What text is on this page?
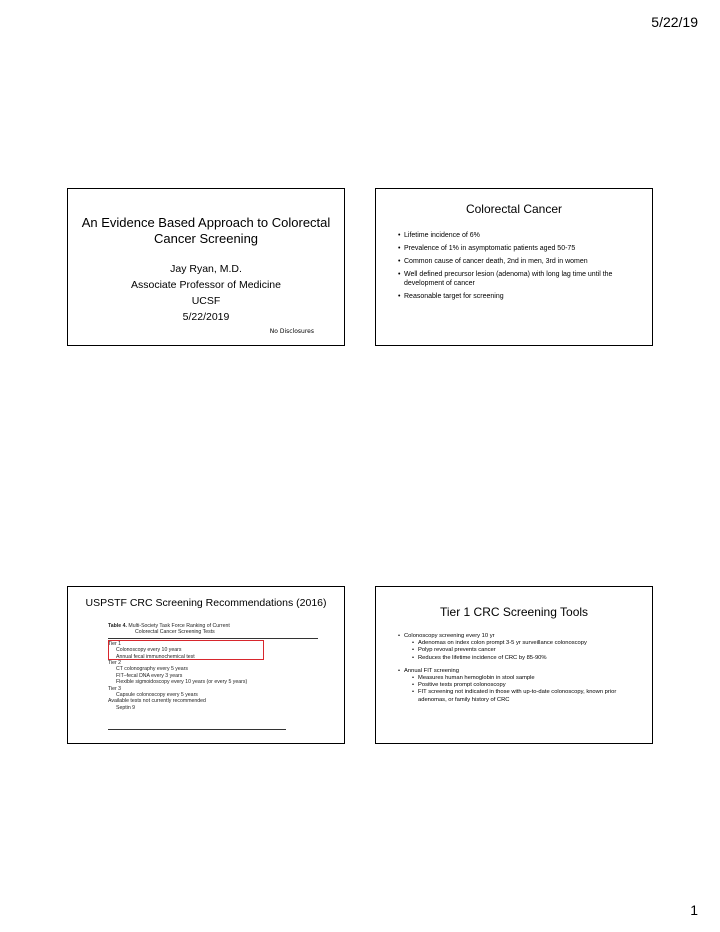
5/22/19
An Evidence Based Approach to Colorectal
Cancer Screening
Jay Ryan, M.D.
Associate Professor of Medicine
UCSF
5/22/2019
No Disclosures
Colorectal Cancer
• Lifetime incidence of 6%
• Prevalence of 1% in asymptomatic patients aged 50-75
• Common cause of cancer death, 2nd in men, 3rd in women
• Well defined precursor lesion (adenoma) with long lag time until the development of cancer
• Reasonable target for screening
USPSTF CRC Screening Recommendations (2016)
Table 4. Multi-Society Task Force Ranking of Current
Colorectal Cancer Screening Tests
Tier 1
Colonoscopy every 10 years
Annual fecal immunochemical test
Tier 2
CT colonography every 5 years
FIT–fecal DNA every 3 years
Flexible sigmoidoscopy every 10 years (or every 5 years)
Tier 3
Capsule colonoscopy every 5 years
Available tests not currently recommended
Septin 9
Tier 1 CRC Screening Tools
• Colonoscopy screening every 10 yr
• Adenomas on index colon prompt 3-5 yr surveillance colonoscopy
• Polyp revoval prevents cancer
• Reduces the lifetime incidence of CRC by 85-90%
• Annual FIT screening
• Measures human hemoglobin in stool sample
• Positive tests prompt colonoscopy
• FIT screening not indicated in those with up-to-date colonoscopy, known prior adenomas, or family history of CRC
1
